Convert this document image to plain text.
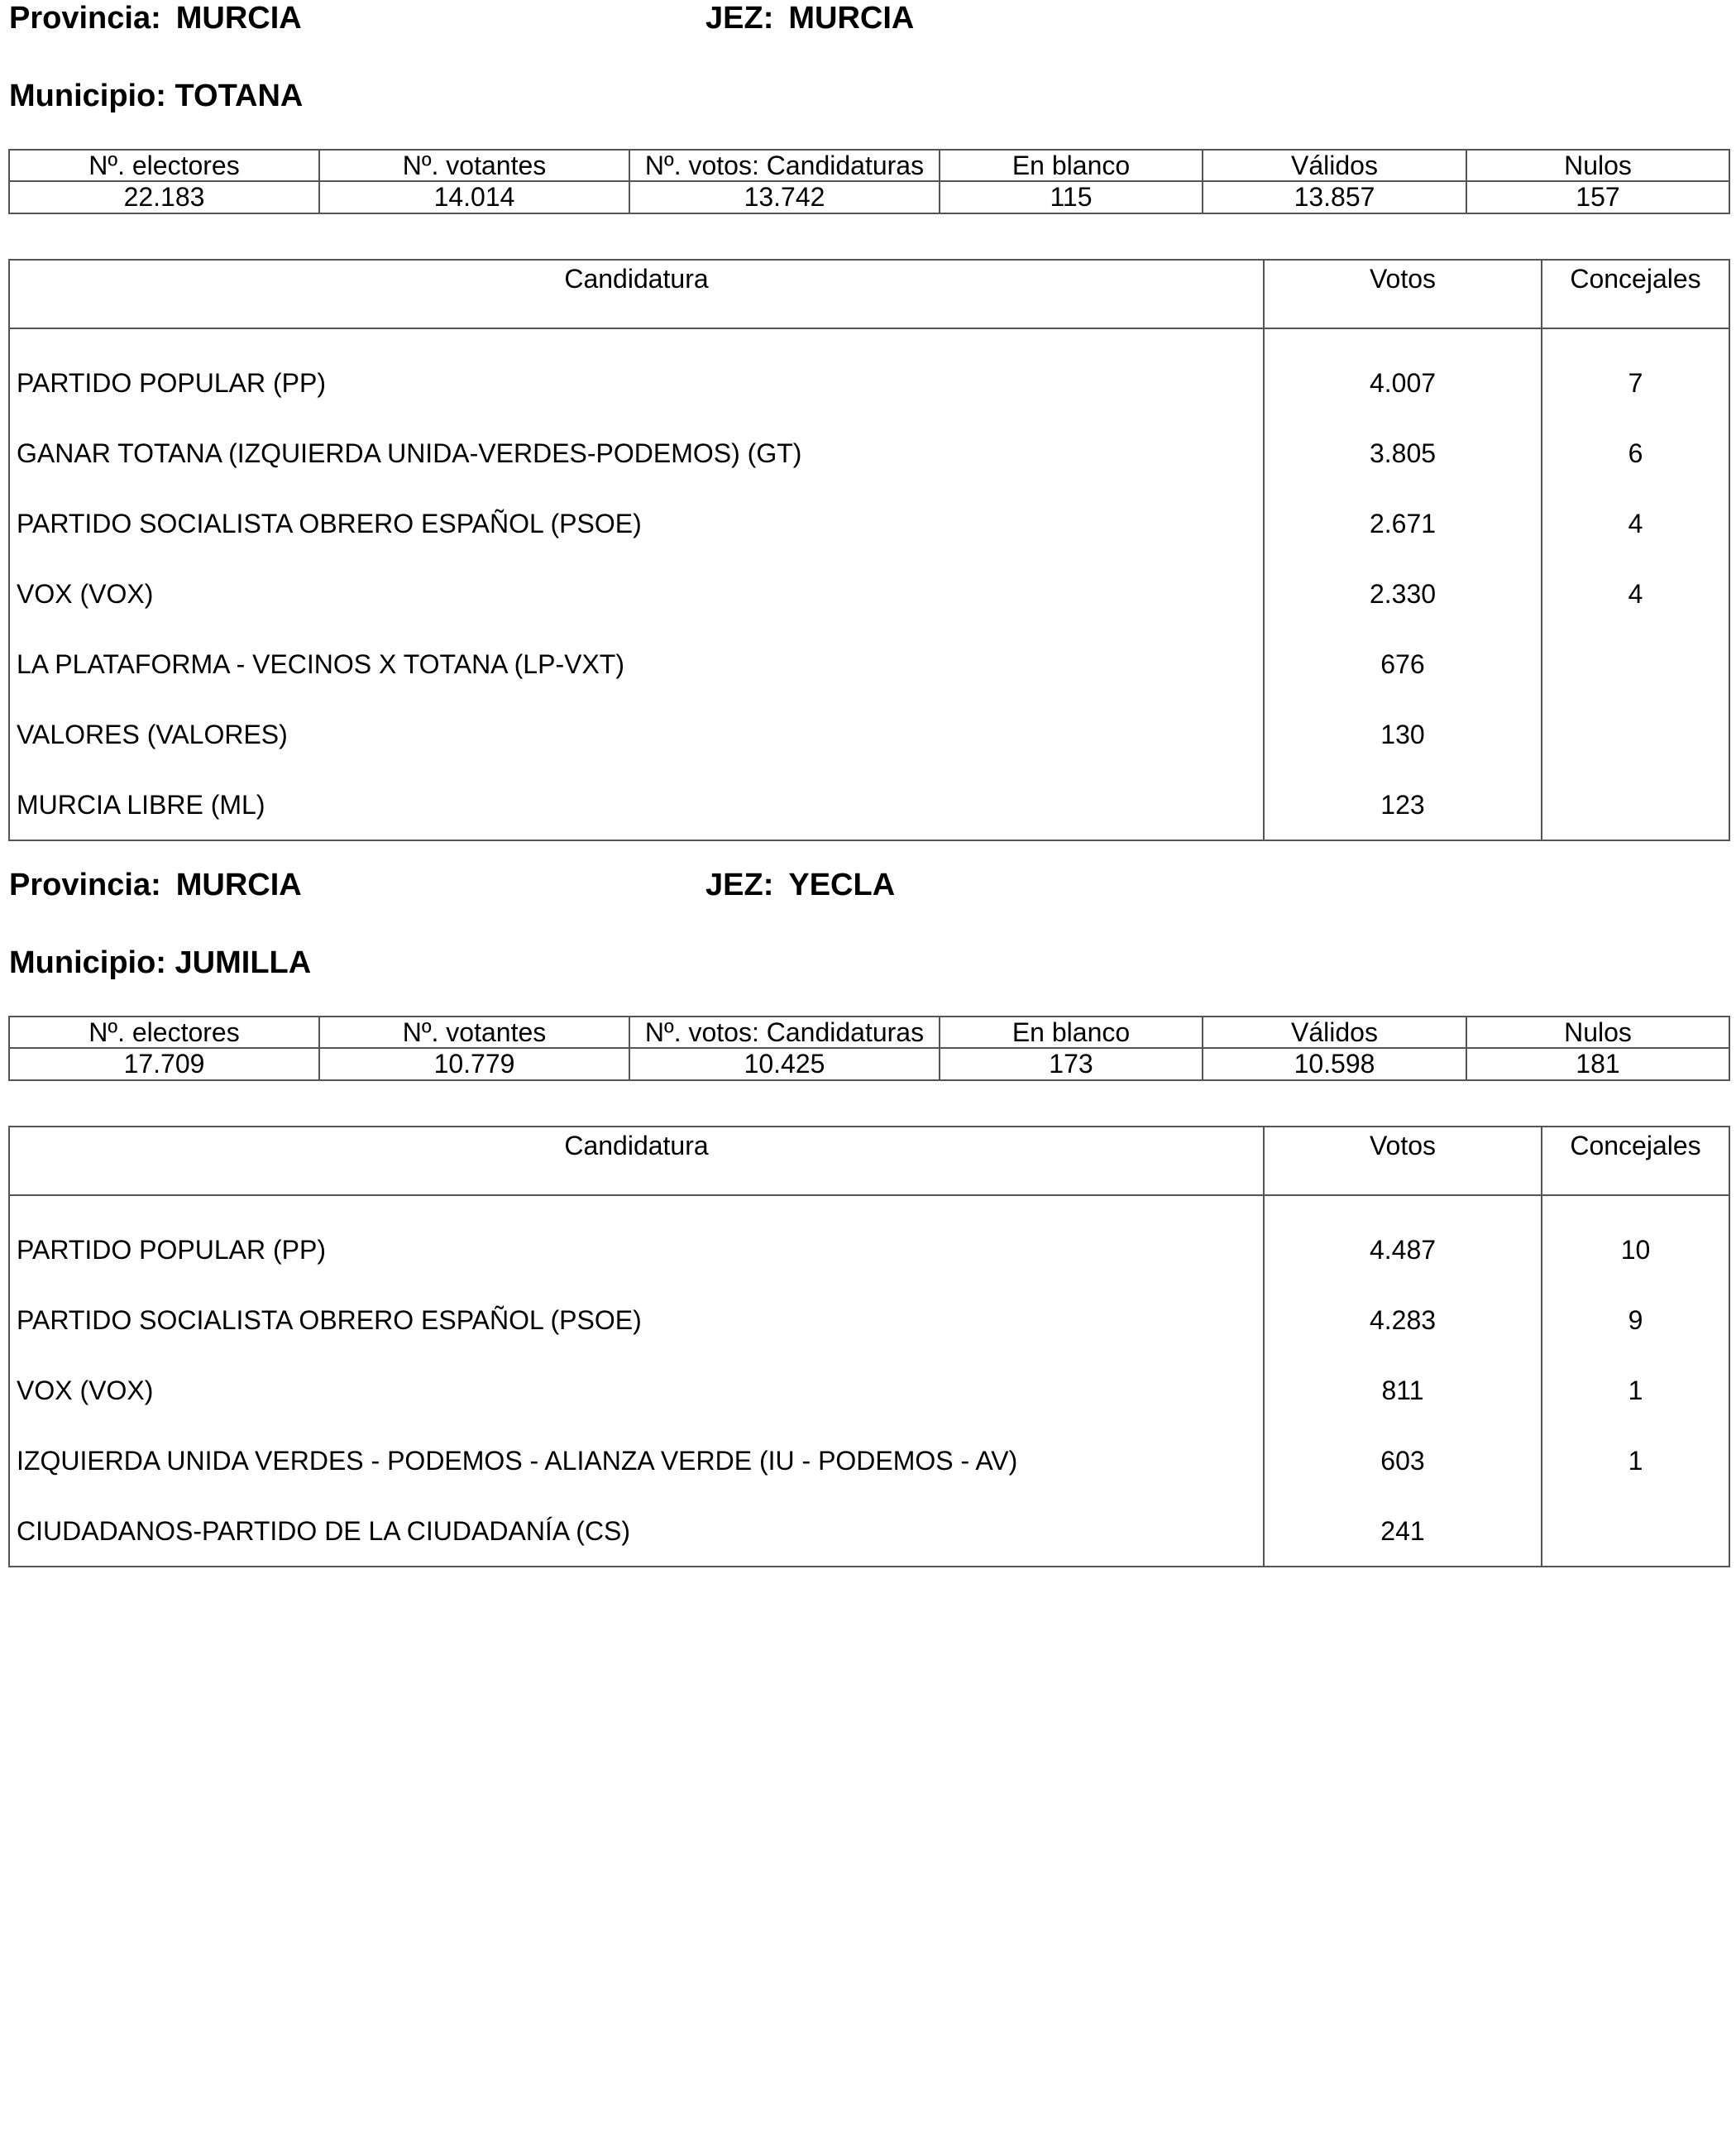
Provincia: MURCIA	JEZ: MURCIA
Municipio: TOTANA
Nº. electores	Nº. votantes	Nº. votos: Candidaturas	En blanco	Válidos	Nulos
22.183	14.014	13.742	115	13.857	157
Candidatura	Votos	Concejales
PARTIDO POPULAR (PP)	4.007	7
GANAR TOTANA (IZQUIERDA UNIDA-VERDES-PODEMOS) (GT)	3.805	6
PARTIDO SOCIALISTA OBRERO ESPAÑOL (PSOE)	2.671	4
VOX (VOX)	2.330	4
LA PLATAFORMA - VECINOS X TOTANA (LP-VXT)	676	
VALORES (VALORES)	130	
MURCIA LIBRE (ML)	123	
Provincia: MURCIA	JEZ: YECLA
Municipio: JUMILLA
Nº. electores	Nº. votantes	Nº. votos: Candidaturas	En blanco	Válidos	Nulos
17.709	10.779	10.425	173	10.598	181
Candidatura	Votos	Concejales
PARTIDO POPULAR (PP)	4.487	10
PARTIDO SOCIALISTA OBRERO ESPAÑOL (PSOE)	4.283	9
VOX (VOX)	811	1
IZQUIERDA UNIDA VERDES - PODEMOS - ALIANZA VERDE (IU - PODEMOS - AV)	603	1
CIUDADANOS-PARTIDO DE LA CIUDADANÍA (CS)	241	
